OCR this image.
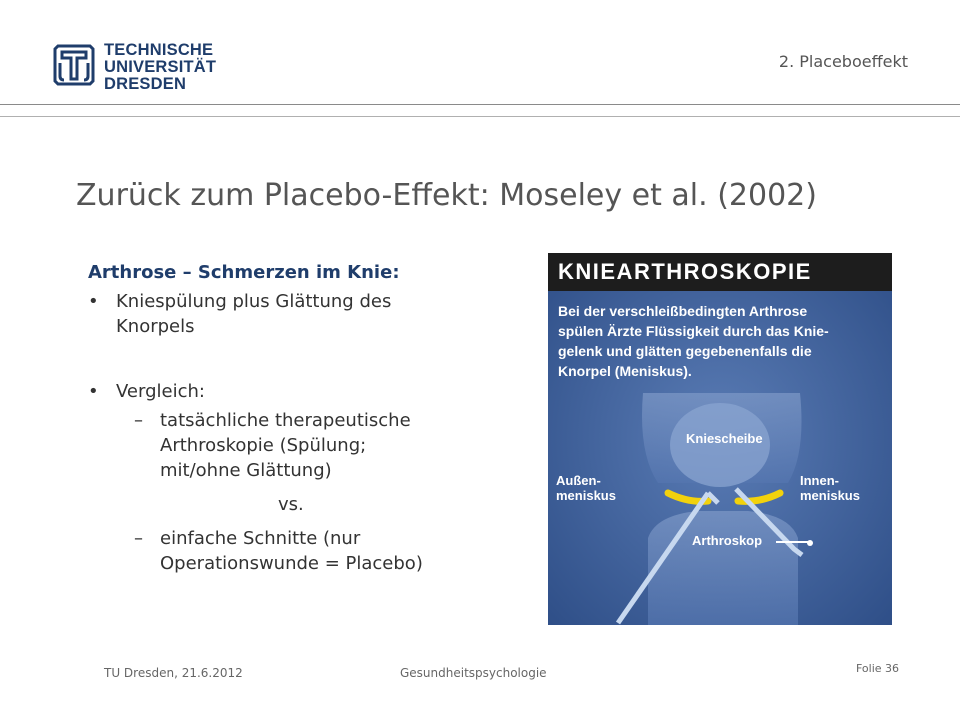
TECHNISCHE
UNIVERSITÄT
DRESDEN
2. Placeboeffekt
Zurück zum Placebo-Effekt: Moseley et al. (2002)
Arthrose – Schmerzen im Knie:
• Kniespülung plus Glättung des
Knorpels
• Vergleich:
– tatsächliche therapeutische
Arthroskopie (Spülung;
mit/ohne Glättung)
vs.
– einfache Schnitte (nur
Operationswunde = Placebo)
KNIEARTHROSKOPIE
Bei der verschleißbedingten Arthrose
spülen Ärzte Flüssigkeit durch das Knie-
gelenk und glätten gegebenenfalls die
Knorpel (Meniskus).
Kniescheibe
Außen-
meniskus
Innen-
meniskus
Arthroskop
TU Dresden, 21.6.2012	Gesundheitspsychologie	Folie 36
